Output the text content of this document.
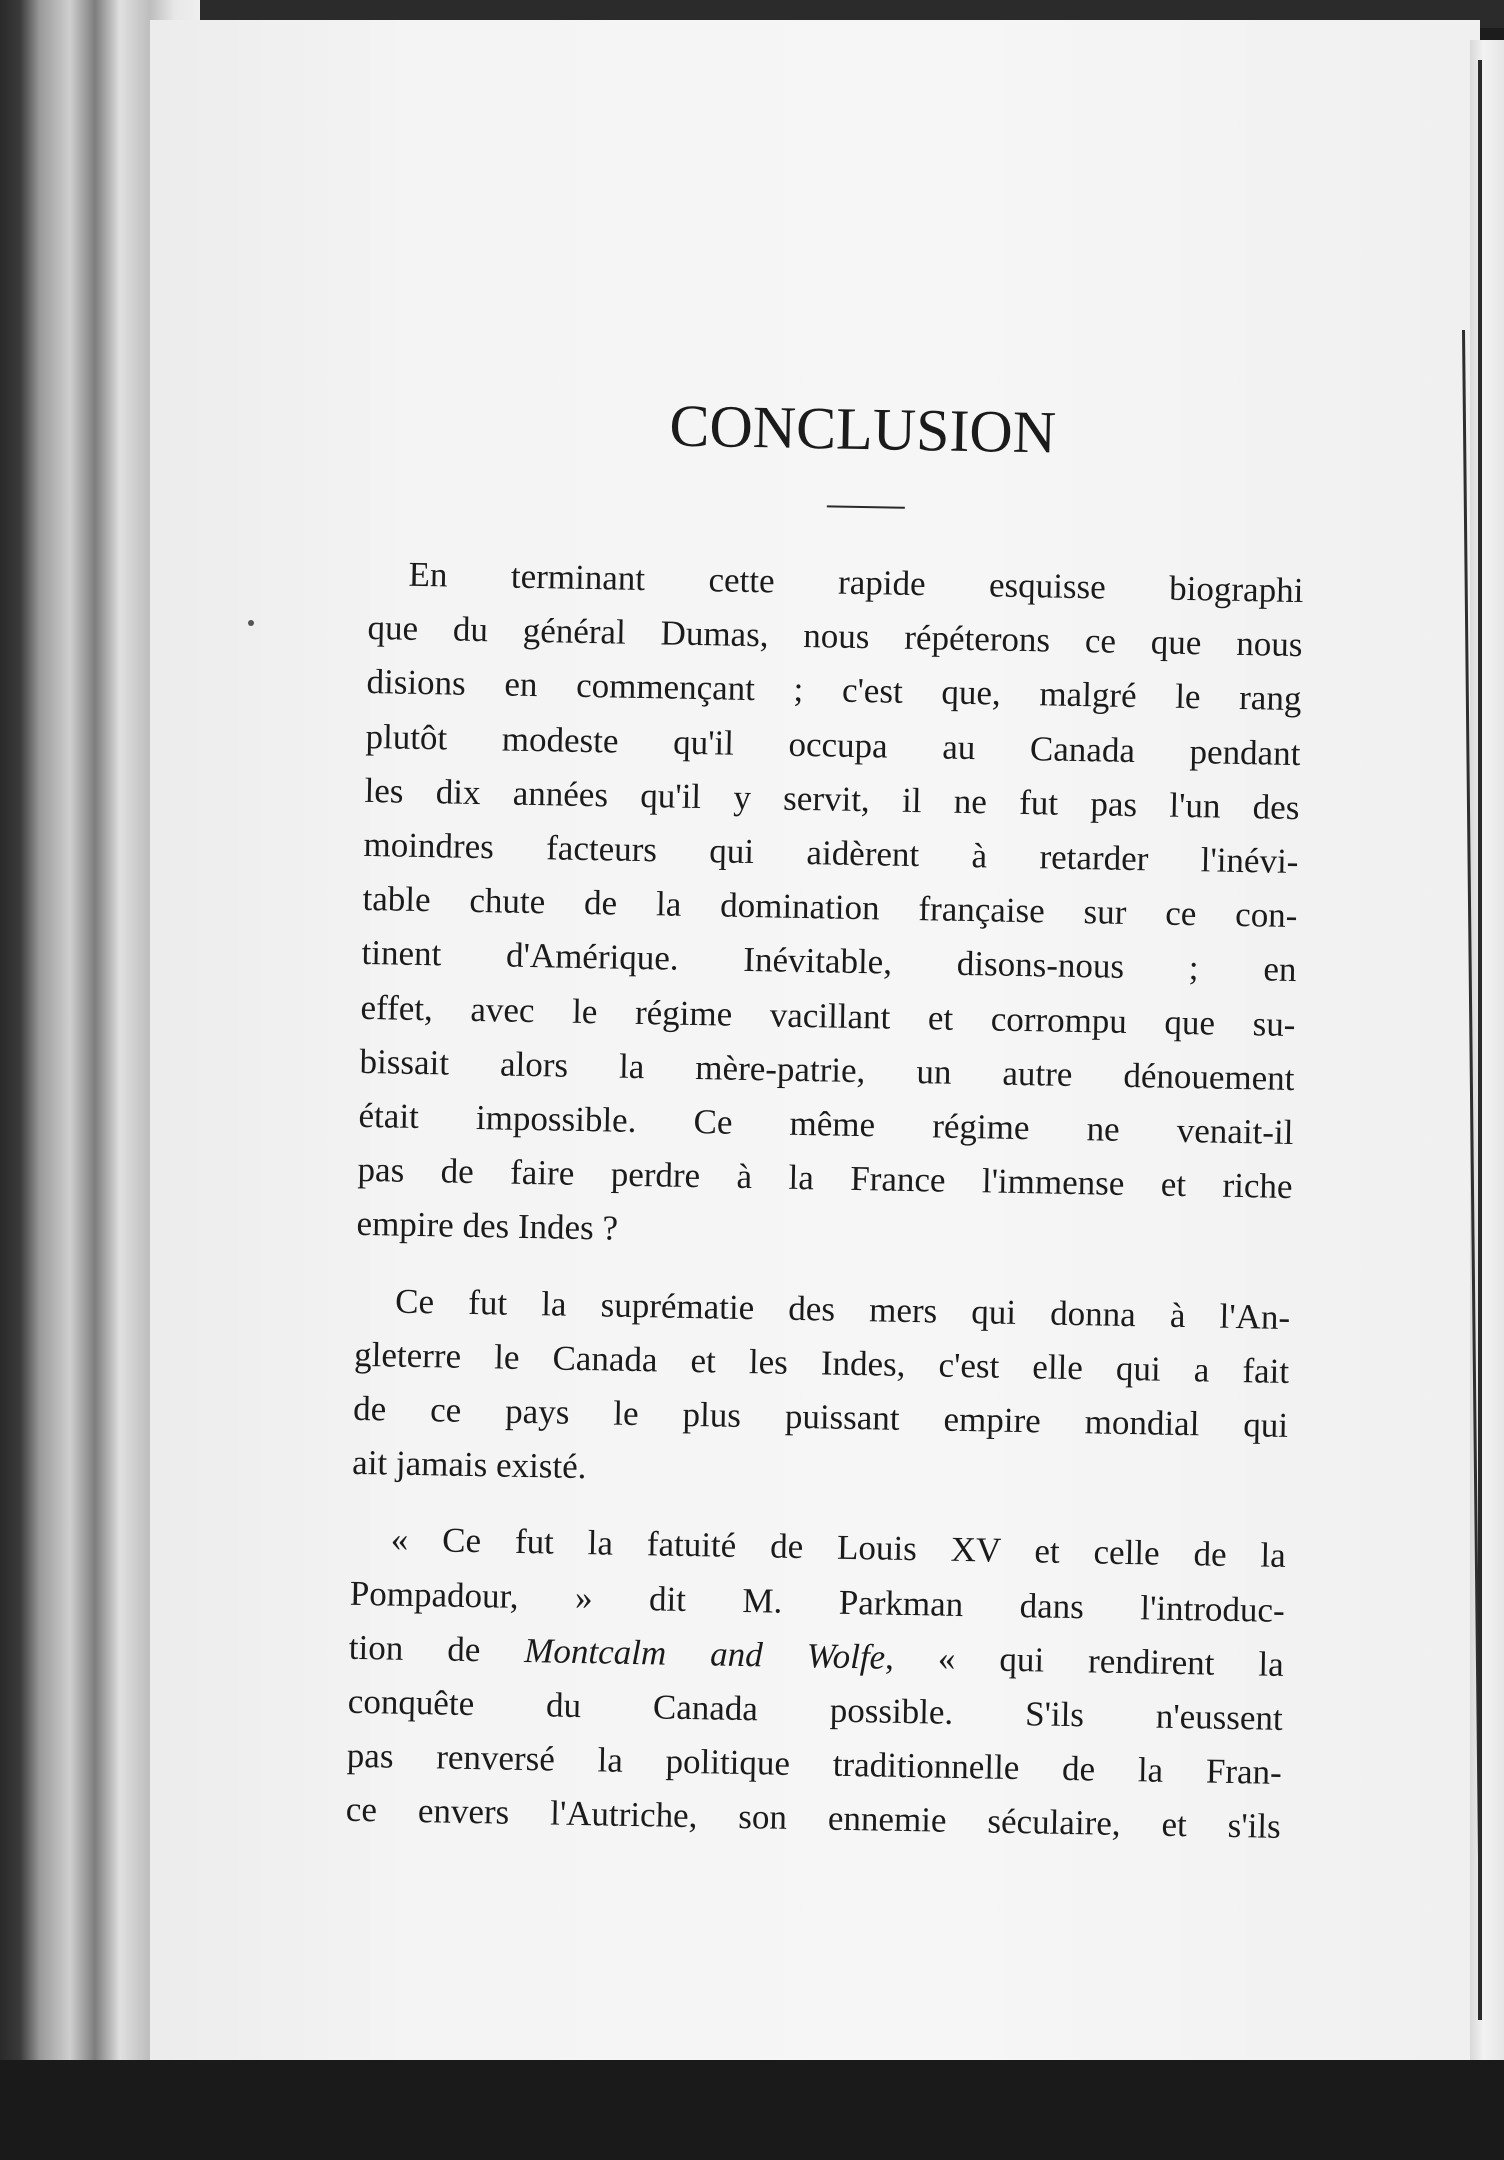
CONCLUSION
En terminant cette rapide esquisse biographi
que du général Dumas, nous répéterons ce que nous
disions en commençant ; c'est que, malgré le rang
plutôt modeste qu'il occupa au Canada pendant
les dix années qu'il y servit, il ne fut pas l'un des
moindres facteurs qui aidèrent à retarder l'inévi-
table chute de la domination française sur ce con-
tinent d'Amérique. Inévitable, disons-nous ; en
effet, avec le régime vacillant et corrompu que su-
bissait alors la mère-patrie, un autre dénouement
était impossible. Ce même régime ne venait-il
pas de faire perdre à la France l'immense et riche
empire des Indes ?
Ce fut la suprématie des mers qui donna à l'An-
gleterre le Canada et les Indes, c'est elle qui a fait
de ce pays le plus puissant empire mondial qui
ait jamais existé.
« Ce fut la fatuité de Louis XV et celle de la
Pompadour, » dit M. Parkman dans l'introduc-
tion de Montcalm and Wolfe, « qui rendirent la
conquête du Canada possible. S'ils n'eussent
pas renversé la politique traditionnelle de la Fran-
ce envers l'Autriche, son ennemie séculaire, et s'ils
